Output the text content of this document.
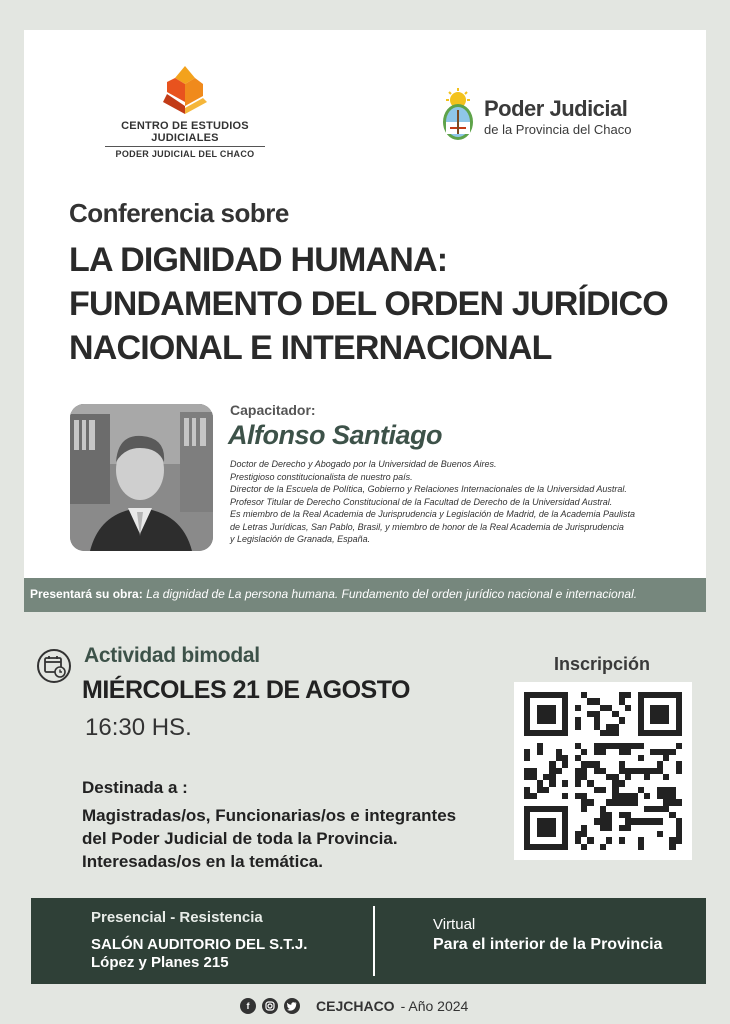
CENTRO DE ESTUDIOS JUDICIALES
PODER JUDICIAL DEL CHACO
Poder Judicial
de la Provincia del Chaco
Conferencia sobre
LA DIGNIDAD HUMANA:
FUNDAMENTO DEL ORDEN JURÍDICO
NACIONAL E INTERNACIONAL
Capacitador:
Alfonso Santiago

Doctor de Derecho y Abogado por la Universidad de Buenos Aires.

Prestigioso constitucionalista de nuestro país.

Director de la Escuela de Política, Gobierno y Relaciones Internacionales de la Universidad Austral.

Profesor Titular de Derecho Constitucional de la Facultad de Derecho de la Universidad Austral.

Es miembro de la Real Academia de Jurisprudencia y Legislación de Madrid, de la Academia Paulista

de Letras Jurídicas, San Pablo, Brasil, y miembro de honor de la Real Academia de Jurisprudencia

y Legislación de Granada, España.

Presentará su obra: La dignidad de La persona humana. Fundamento del orden jurídico nacional e internacional.
Actividad bimodal
MIÉRCOLES 21 DE AGOSTO
16:30 HS.
Destinada a :
Magistradas/os, Funcionarias/os e integrantes
del Poder Judicial de toda la Provincia.
Interesadas/os en la temática.
Inscripción
Presencial - Resistencia
SALÓN AUDITORIO DEL S.T.J.
López y Planes 215
Virtual
Para el interior de la Provincia
f	CEJCHACO - Año 2024
